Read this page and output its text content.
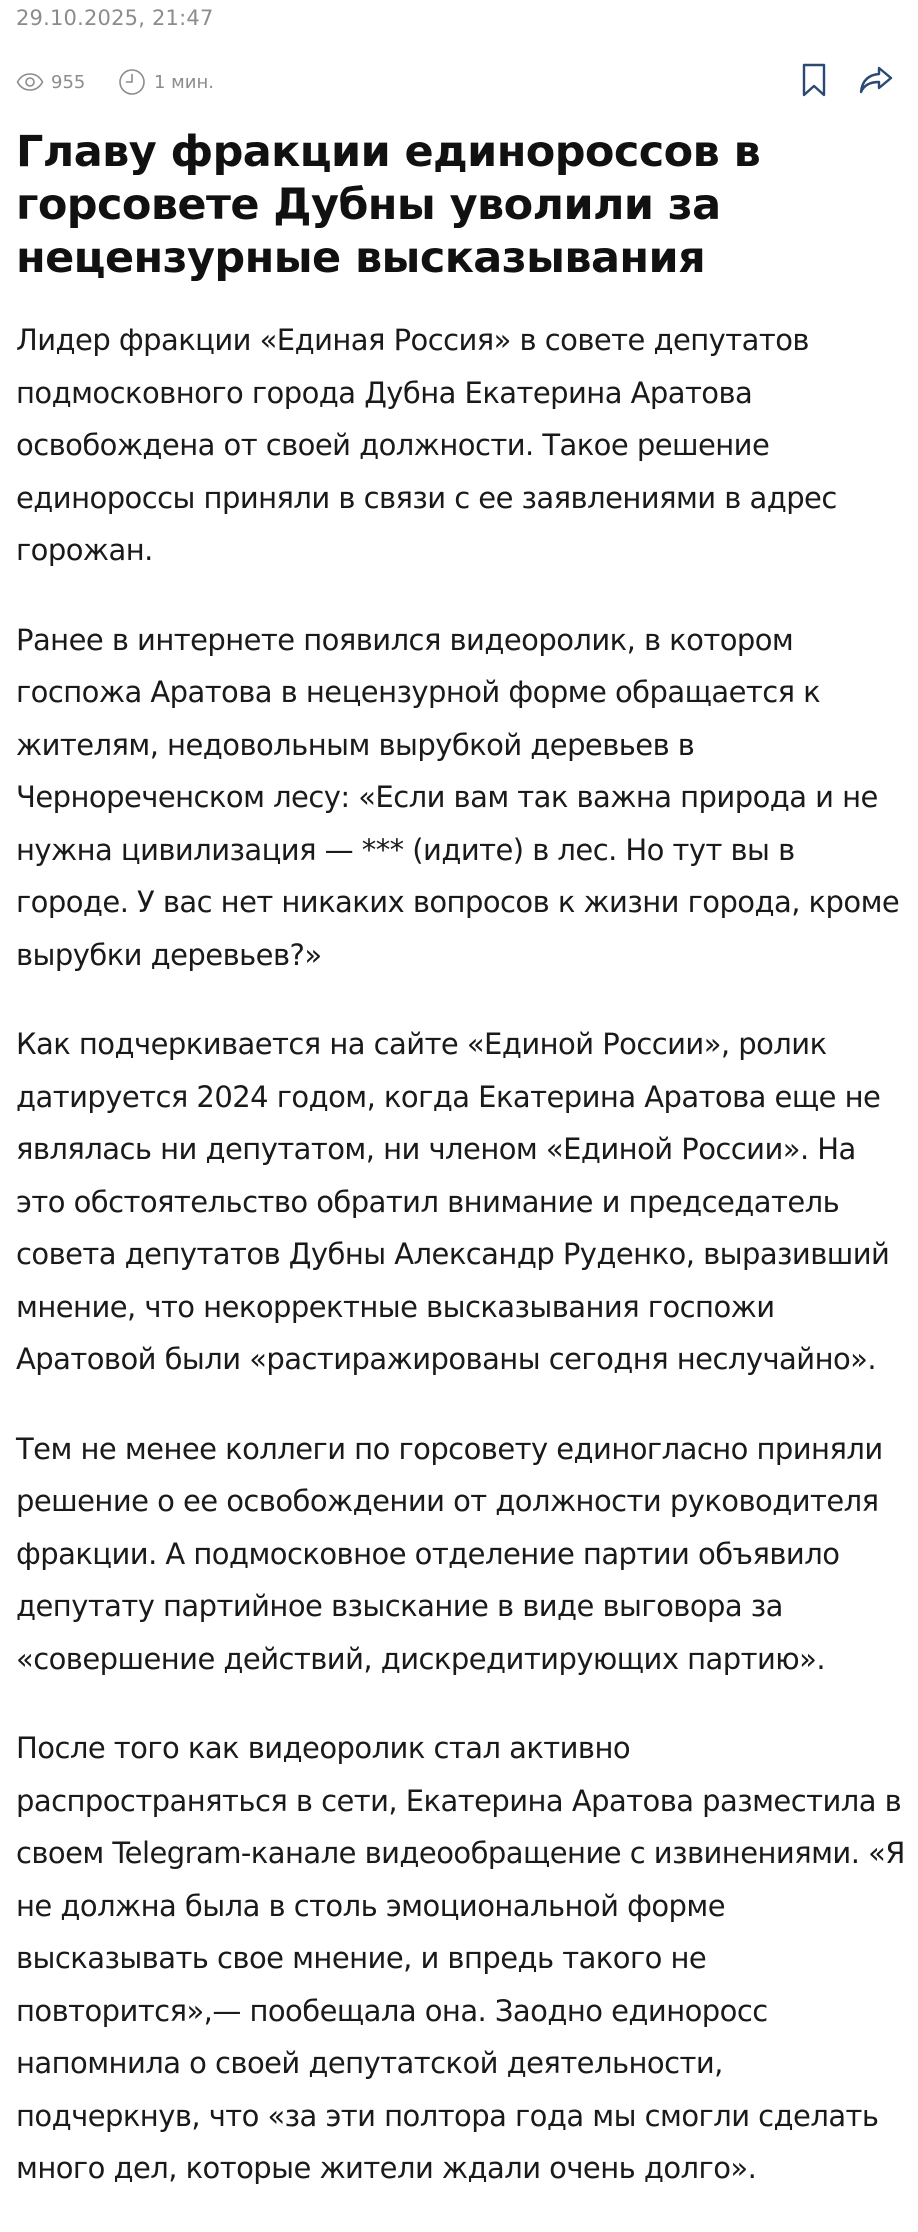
29.10.2025, 21:47
955	1 мин.
Главу фракции единороссов в горсовете Дубны уволили за нецензурные высказывания

Лидер фракции «Единая Россия» в совете депутатов подмосковного города Дубна Екатерина Аратова освобождена от своей должности. Такое решение единороссы приняли в связи с ее заявлениями в адрес горожан.

Ранее в интернете появился видеоролик, в котором госпожа Аратова в нецензурной форме обращается к жителям, недовольным вырубкой деревьев в Чернореченском лесу: «Если вам так важна природа и не нужна цивилизация — *** (идите) в лес. Но тут вы в городе. У вас нет никаких вопросов к жизни города, кроме вырубки деревьев?»

Как подчеркивается на сайте «Единой России», ролик датируется 2024 годом, когда Екатерина Аратова еще не являлась ни депутатом, ни членом «Единой России». На это обстоятельство обратил внимание и председатель совета депутатов Дубны Александр Руденко, выразивший мнение, что некорректные высказывания госпожи Аратовой были «растиражированы сегодня неслучайно».

Тем не менее коллеги по горсовету единогласно приняли решение о ее освобождении от должности руководителя фракции. А подмосковное отделение партии объявило депутату партийное взыскание в виде выговора за «совершение действий, дискредитирующих партию».

После того как видеоролик стал активно распространяться в сети, Екатерина Аратова разместила в своем Telegram-канале видеообращение с извинениями. «Я не должна была в столь эмоциональной форме высказывать свое мнение, и впредь такого не повторится»,— пообещала она. Заодно единоросс напомнила о своей депутатской деятельности, подчеркнув, что «за эти полтора года мы смогли сделать много дел, которые жители ждали очень долго».
